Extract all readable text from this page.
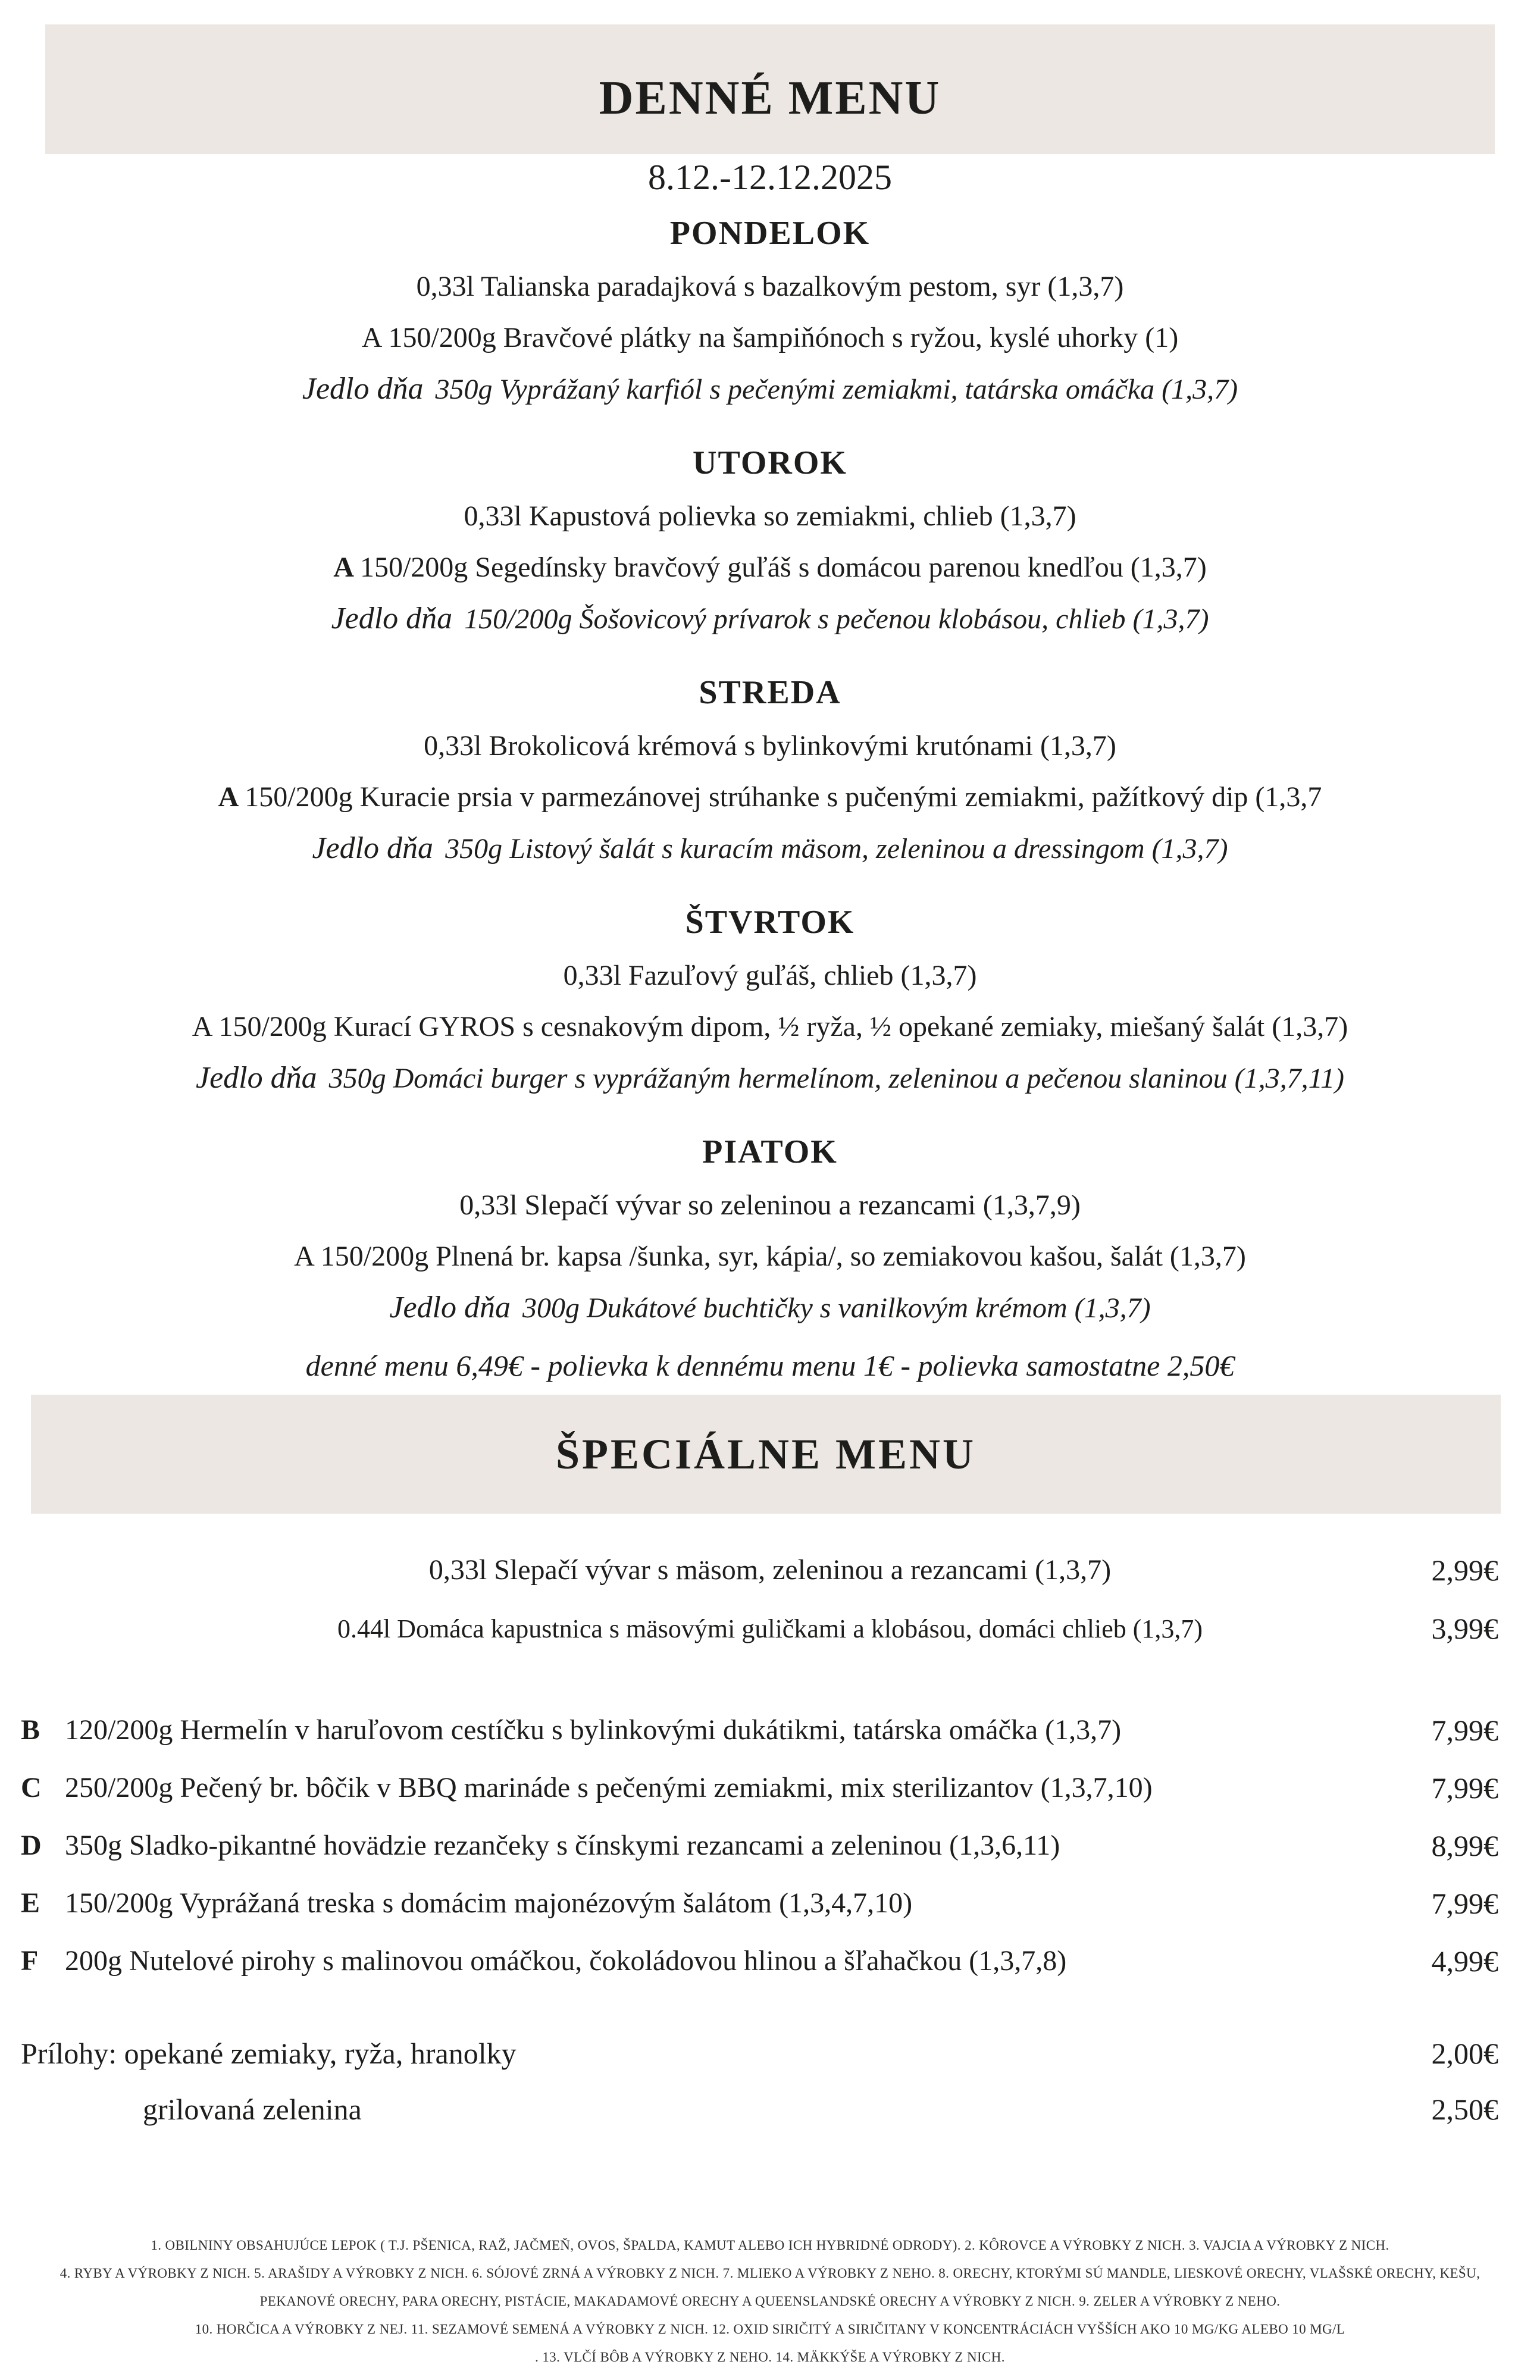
DENNÉ MENU
8.12.-12.12.2025
PONDELOK

0,33l Talianska paradajková s bazalkovým pestom, syr (1,3,7)

A 150/200g Bravčové plátky na šampiňónoch s ryžou, kyslé uhorky (1)

Jedlo dňa 350g Vyprážaný karfiól s pečenými zemiakmi, tatárska omáčka (1,3,7)

UTOROK

0,33l Kapustová polievka so zemiakmi, chlieb (1,3,7)

A 150/200g Segedínsky bravčový guľáš s domácou parenou knedľou (1,3,7)

Jedlo dňa 150/200g Šošovicový prívarok s pečenou klobásou, chlieb (1,3,7)

STREDA

0,33l Brokolicová krémová s bylinkovými krutónami (1,3,7)

A 150/200g Kuracie prsia v parmezánovej strúhanke s pučenými zemiakmi, pažítkový dip (1,3,7

Jedlo dňa 350g Listový šalát s kuracím mäsom, zeleninou a dressingom (1,3,7)

ŠTVRTOK

0,33l Fazuľový guľáš, chlieb (1,3,7)

A 150/200g Kurací GYROS s cesnakovým dipom, ½ ryža, ½ opekané zemiaky, miešaný šalát (1,3,7)

Jedlo dňa 350g Domáci burger s vyprážaným hermelínom, zeleninou a pečenou slaninou (1,3,7,11)

PIATOK

0,33l Slepačí vývar so zeleninou a rezancami (1,3,7,9)

A 150/200g Plnená br. kapsa /šunka, syr, kápia/, so zemiakovou kašou, šalát (1,3,7)

Jedlo dňa 300g Dukátové buchtičky s vanilkovým krémom (1,3,7)

denné menu 6,49€ - polievka k dennému menu 1€ - polievka samostatne 2,50€

ŠPECIÁLNE MENU
0,33l Slepačí vývar s mäsom, zeleninou a rezancami (1,3,7)	2,99€
0.44l Domáca kapustnica s mäsovými guličkami a klobásou, domáci chlieb (1,3,7)	3,99€
B 120/200g Hermelín v haruľovom cestíčku s bylinkovými dukátikmi, tatárska omáčka (1,3,7)	7,99€
C 250/200g Pečený br. bôčik v BBQ marináde s pečenými zemiakmi, mix sterilizantov (1,3,7,10)	7,99€
D 350g Sladko-pikantné hovädzie rezančeky s čínskymi rezancami a zeleninou (1,3,6,11)	8,99€
E 150/200g Vyprážaná treska s domácim majonézovým šalátom (1,3,4,7,10)	7,99€
F 200g Nutelové pirohy s malinovou omáčkou, čokoládovou hlinou a šľahačkou (1,3,7,8)	4,99€
Prílohy: opekané zemiaky, ryža, hranolky	2,00€
grilovaná zelenina	2,50€

1. OBILNINY OBSAHUJÚCE LEPOK ( T.J. PŠENICA, RAŽ, JAČMEŇ, OVOS, ŠPALDA, KAMUT ALEBO ICH HYBRIDNÉ ODRODY). 2. KÔROVCE A VÝROBKY Z NICH. 3. VAJCIA A VÝROBKY Z NICH.

4. RYBY A VÝROBKY Z NICH. 5. ARAŠIDY A VÝROBKY Z NICH. 6. SÓJOVÉ ZRNÁ A VÝROBKY Z NICH. 7. MLIEKO A VÝROBKY Z NEHO. 8. ORECHY, KTORÝMI SÚ MANDLE, LIESKOVÉ ORECHY, VLAŠSKÉ ORECHY, KEŠU,

PEKANOVÉ ORECHY, PARA ORECHY, PISTÁCIE, MAKADAMOVÉ ORECHY A QUEENSLANDSKÉ ORECHY A VÝROBKY Z NICH. 9. ZELER A VÝROBKY Z NEHO.

10. HORČICA A VÝROBKY Z NEJ. 11. SEZAMOVÉ SEMENÁ A VÝROBKY Z NICH. 12. OXID SIRIČITÝ A SIRIČITANY V KONCENTRÁCIÁCH VYŠŠÍCH AKO 10 MG/KG ALEBO 10 MG/L

. 13. VLČÍ BÔB A VÝROBKY Z NEHO. 14. MÄKKÝŠE A VÝROBKY Z NICH.
